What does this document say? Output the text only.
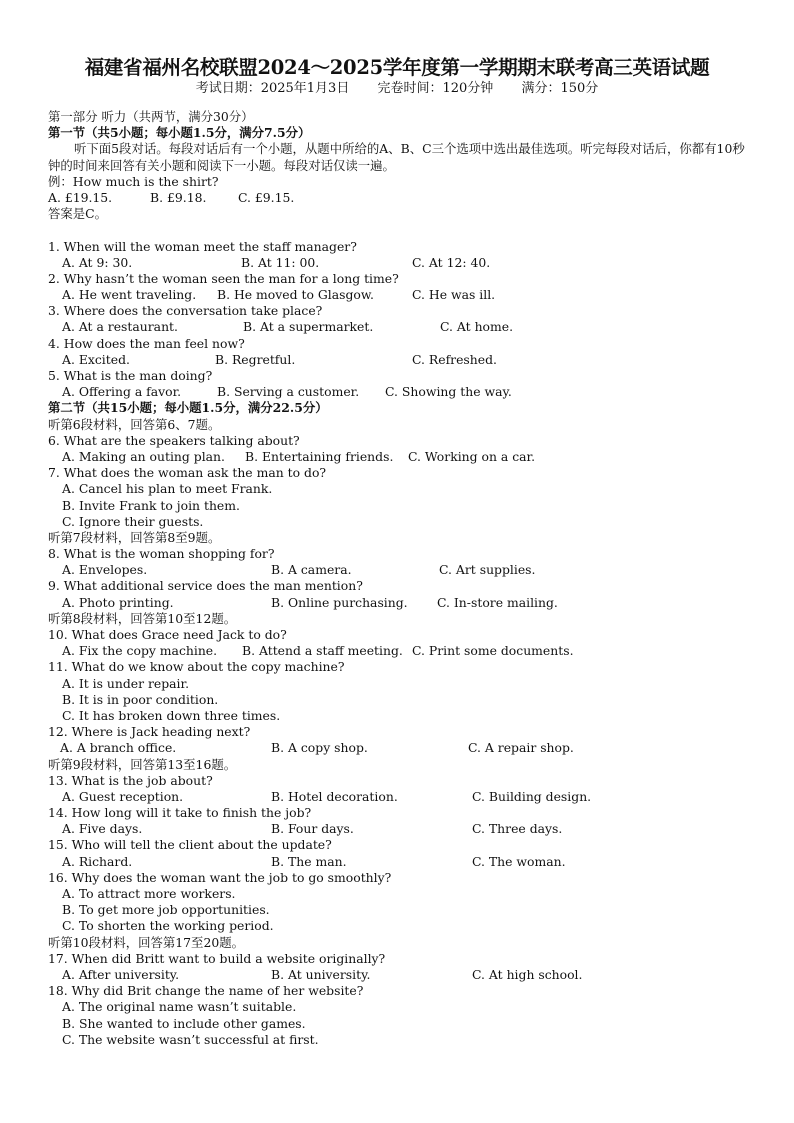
福建省福州名校联盟2024～2025学年度第一学期期末联考高三英语试题
考试日期：2025年1月3日 完卷时间：120分钟 满分：150分
第一部分 听力（共两节，满分30分）
第一节（共5小题；每小题1.5分，满分7.5分）
听下面5段对话。每段对话后有一个小题，从题中所给的A、B、C三个选项中选出最佳选项。听完每段对话后，你都有10秒钟的时间来回答有关小题和阅读下一小题。每段对话仅读一遍。
例：How much is the shirt?
A. £19.15.	B. £9.18.	C. £9.15.
答案是C。
1. When will the woman meet the staff manager?
A. At 9: 30.	B. At 11: 00.	C. At 12: 40.
2. Why hasn’t the woman seen the man for a long time?
A. He went traveling.	B. He moved to Glasgow.	C. He was ill.
3. Where does the conversation take place?
A. At a restaurant.	B. At a supermarket.	C. At home.
4. How does the man feel now?
A. Excited.	B. Regretful.	C. Refreshed.
5. What is the man doing?
A. Offering a favor.	B. Serving a customer.	C. Showing the way.
第二节（共15小题；每小题1.5分，满分22.5分）
听第6段材料，回答第6、7题。
6. What are the speakers talking about?
A. Making an outing plan.	B. Entertaining friends.	C. Working on a car.
7. What does the woman ask the man to do?
A. Cancel his plan to meet Frank.
B. Invite Frank to join them.
C. Ignore their guests.
听第7段材料，回答第8至9题。
8. What is the woman shopping for?
A. Envelopes.	B. A camera.	C. Art supplies.
9. What additional service does the man mention?
A. Photo printing.	B. Online purchasing.	C. In-store mailing.
听第8段材料，回答第10至12题。
10. What does Grace need Jack to do?
A. Fix the copy machine.	B. Attend a staff meeting. C. Print some documents.
11. What do we know about the copy machine?
A. It is under repair.
B. It is in poor condition.
C. It has broken down three times.
12. Where is Jack heading next?
A. A branch office.	B. A copy shop.	C. A repair shop.
听第9段材料，回答第13至16题。
13. What is the job about?
A. Guest reception.	B. Hotel decoration.	C. Building design.
14. How long will it take to finish the job?
A. Five days.	B. Four days.	C. Three days.
15. Who will tell the client about the update?
A. Richard.	B. The man.	C. The woman.
16. Why does the woman want the job to go smoothly?
A. To attract more workers.
B. To get more job opportunities.
C. To shorten the working period.
听第10段材料，回答第17至20题。
17. When did Britt want to build a website originally?
A. After university.	B. At university.	C. At high school.
18. Why did Brit change the name of her website?
A. The original name wasn’t suitable.
B. She wanted to include other games.
C. The website wasn’t successful at first.
